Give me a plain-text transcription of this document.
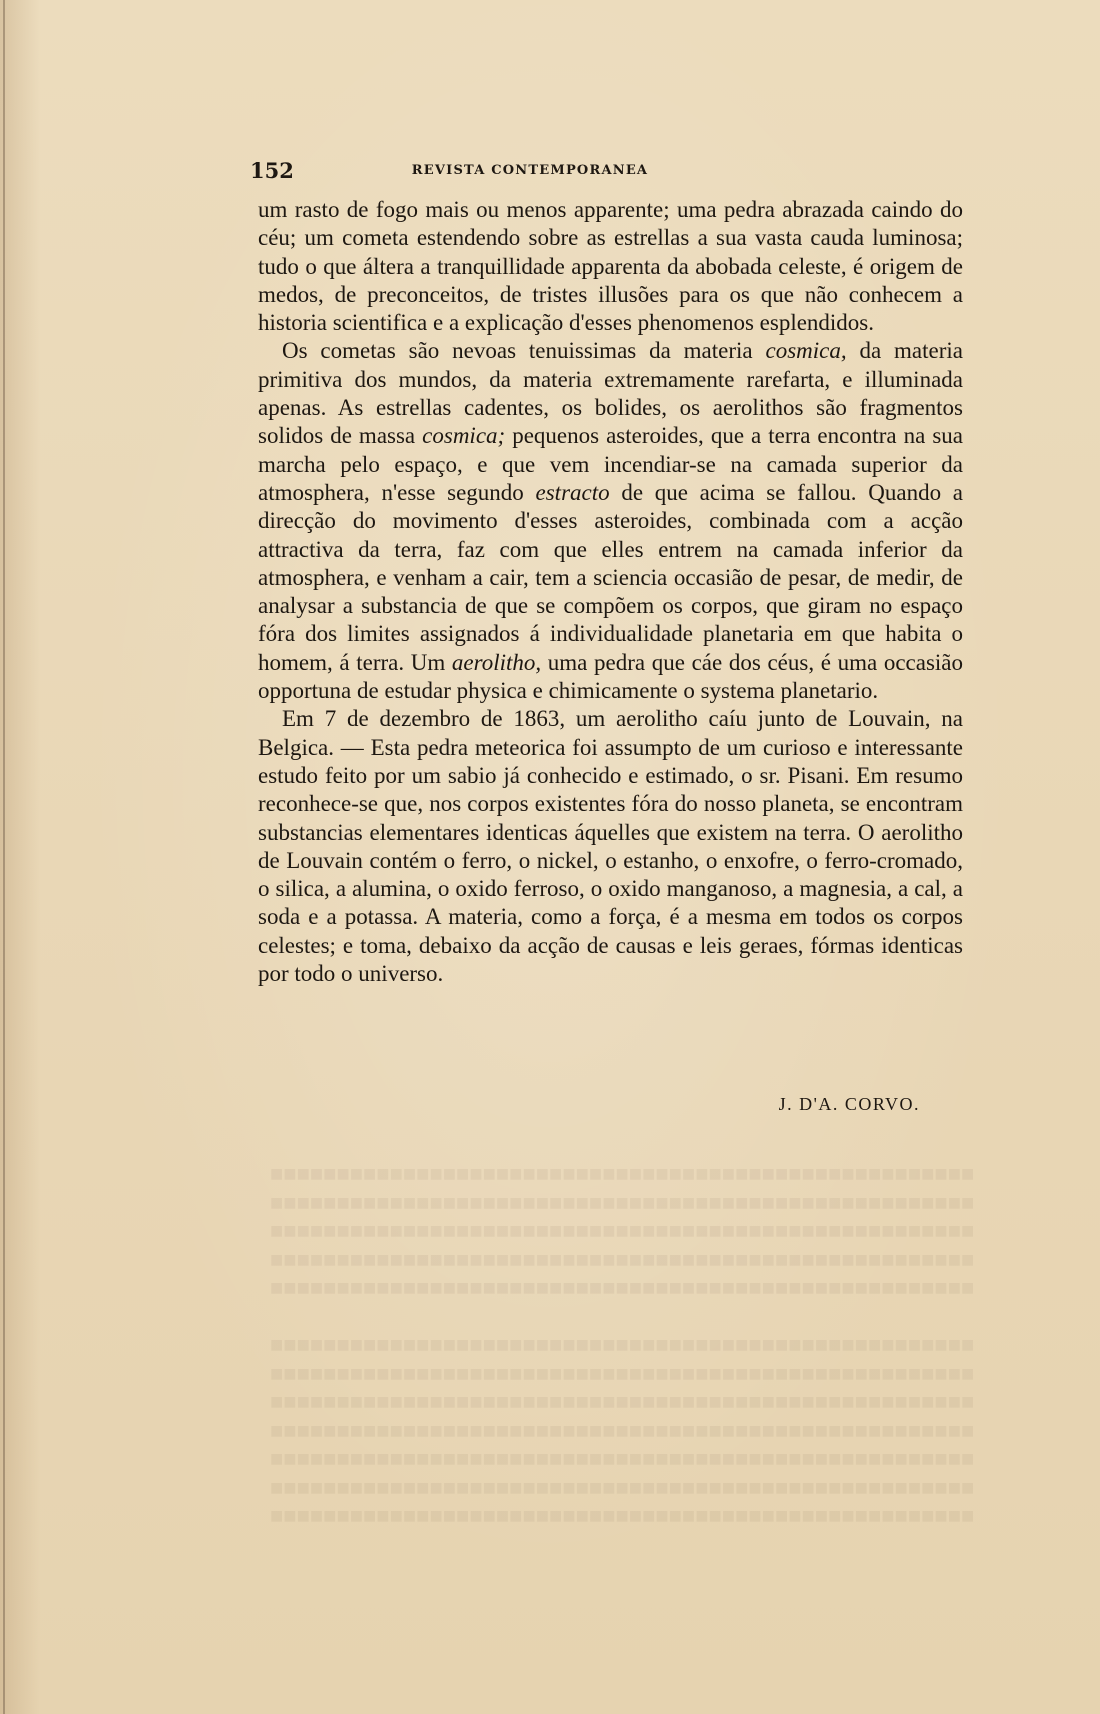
■■■■■■■■■■■■■■■■■■■■■■■■■■■■■■■■■■■■■■■■■■■■■■■■■■■■■
■■■■■■■■■■■■■■■■■■■■■■■■■■■■■■■■■■■■■■■■■■■■■■■■■■■■■
■■■■■■■■■■■■■■■■■■■■■■■■■■■■■■■■■■■■■■■■■■■■■■■■■■■■■
■■■■■■■■■■■■■■■■■■■■■■■■■■■■■■■■■■■■■■■■■■■■■■■■■■■■■
■■■■■■■■■■■■■■■■■■■■■■■■■■■■■■■■■■■■■■■■■■■■■■■■■■■■■

■■■■■■■■■■■■■■■■■■■■■■■■■■■■■■■■■■■■■■■■■■■■■■■■■■■■■
■■■■■■■■■■■■■■■■■■■■■■■■■■■■■■■■■■■■■■■■■■■■■■■■■■■■■
■■■■■■■■■■■■■■■■■■■■■■■■■■■■■■■■■■■■■■■■■■■■■■■■■■■■■
■■■■■■■■■■■■■■■■■■■■■■■■■■■■■■■■■■■■■■■■■■■■■■■■■■■■■
■■■■■■■■■■■■■■■■■■■■■■■■■■■■■■■■■■■■■■■■■■■■■■■■■■■■■
■■■■■■■■■■■■■■■■■■■■■■■■■■■■■■■■■■■■■■■■■■■■■■■■■■■■■
■■■■■■■■■■■■■■■■■■■■■■■■■■■■■■■■■■■■■■■■■■■■■■■■■■■■■
152	REVISTA CONTEMPORANEA

um rasto de fogo mais ou menos apparente; uma pedra abrazada caindo do céu; um cometa estendendo sobre as estrellas a sua vasta cauda luminosa; tudo o que áltera a tranquillidade apparenta da abobada celeste, é origem de medos, de preconceitos, de tristes illusões para os que não conhecem a historia scientifica e a explicação d'esses phenomenos esplendidos.

Os cometas são nevoas tenuissimas da materia cosmica, da materia primitiva dos mundos, da materia extremamente rarefarta, e illuminada apenas. As estrellas cadentes, os bolides, os aerolithos são fragmentos solidos de massa cosmica; pequenos asteroides, que a terra encontra na sua marcha pelo espaço, e que vem incendiar-se na camada superior da atmosphera, n'esse segundo estracto de que acima se fallou. Quando a direcção do movimento d'esses asteroides, combinada com a acção attractiva da terra, faz com que elles entrem na camada inferior da atmosphera, e venham a cair, tem a sciencia occasião de pesar, de medir, de analysar a substancia de que se compõem os corpos, que giram no espaço fóra dos limites assignados á individualidade planetaria em que habita o homem, á terra. Um aerolitho, uma pedra que cáe dos céus, é uma occasião opportuna de estudar physica e chimicamente o systema planetario.

Em 7 de dezembro de 1863, um aerolitho caíu junto de Louvain, na Belgica. — Esta pedra meteorica foi assumpto de um curioso e interessante estudo feito por um sabio já conhecido e estimado, o sr. Pisani. Em resumo reconhece-se que, nos corpos existentes fóra do nosso planeta, se encontram substancias elementares identicas áquelles que existem na terra. O aerolitho de Louvain contém o ferro, o nickel, o estanho, o enxofre, o ferro-cromado, o silica, a alumina, o oxido ferroso, o oxido manganoso, a magnesia, a cal, a soda e a potassa. A materia, como a força, é a mesma em todos os corpos celestes; e toma, debaixo da acção de causas e leis geraes, fórmas identicas por todo o universo.

J. D'A. CORVO.
